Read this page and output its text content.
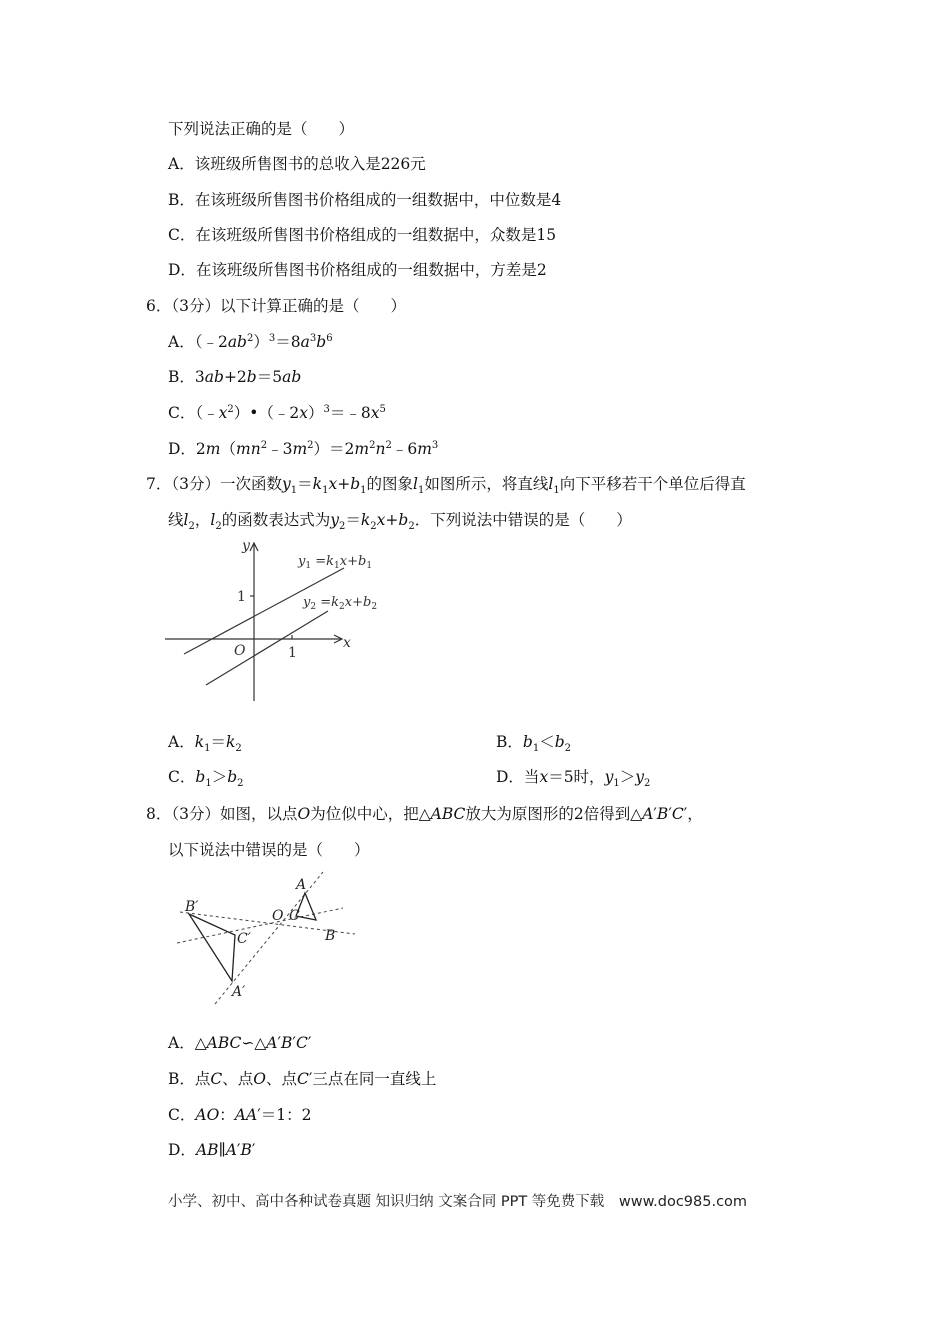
下列说法正确的是（　　）
A．该班级所售图书的总收入是226元
B．在该班级所售图书价格组成的一组数据中，中位数是4
C．在该班级所售图书价格组成的一组数据中，众数是15
D．在该班级所售图书价格组成的一组数据中，方差是2
6．（3分）以下计算正确的是（　　）
A．$(﹣2ab^2)^3=8a^3b^6$
B．3ab+2b＝5ab
C．$(﹣x^2)•(﹣2x)^3=﹣8x^5$
D．$2m(mn^2﹣3m^2)=2m^2n^2﹣6m^3$
7．（3分）一次函数$y_1=k_1x+b_1$的图象$l_1$如图所示，将直线$l_1$向下平移若干个单位后得直
线$l_2$，$l_2$的函数表达式为$y_2=k_2x+b_2$．下列说法中错误的是（　　）
y
x
O
1
1
$y_1 =k_1x+b_1$
$y_2 =k_2x+b_2$
A．$k_1=k_2$	B．$b_1<b_2$
C．$b_1>b_2$	D．当x＝5时，$y_1>y_2$
8．（3分）如图，以点O为位似中心，把△ABC放大为原图形的2倍得到△A′B′C′，
以下说法中错误的是（　　）
B′
C′
A′
O C
A
B
A．△ABC∽△A′B′C′
B．点C、点O、点C′三点在同一直线上
C．AO：AA′＝1：2
D．AB∥A′B′
小学、初中、高中各种试卷真题 知识归纳 文案合同 PPT 等免费下载 www.doc985.com
